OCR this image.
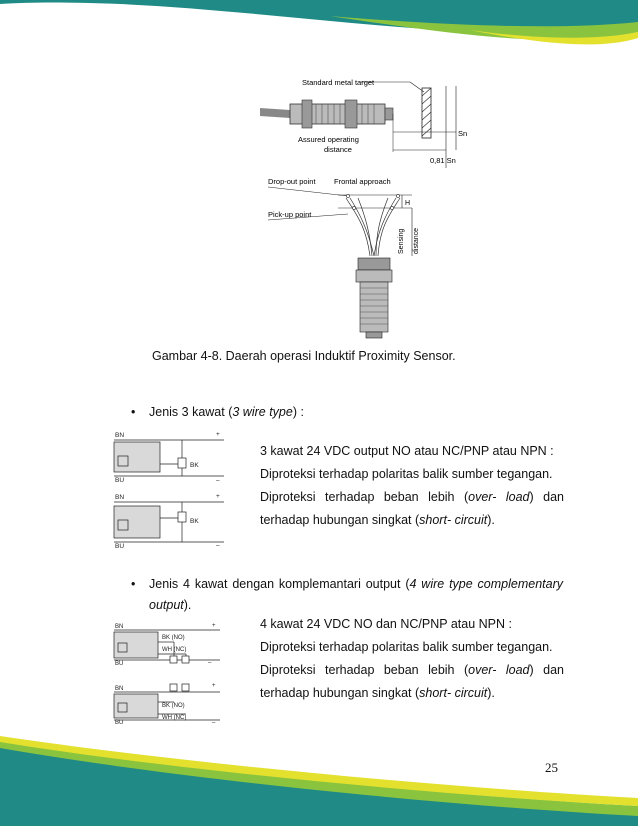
Standard metal target
Assured operating
distance
Sn
0,81 Sn
Drop-out point Frontal approach
Pick-up point
H
Sensing distance
Gambar 4-8. Daerah operasi Induktif Proximity Sensor.
• Jenis 3 kawat (3 wire type) :
BN
BU
BK
+
–
BN
BU
BK
+
–

3 kawat 24 VDC output NO atau NC/PNP atau NPN :

Diproteksi terhadap polaritas balik sumber tegangan.

Diproteksi terhadap beban lebih (over- load) dan

terhadap hubungan singkat (short- circuit).

• Jenis 4 kawat dengan komplemantari output (4 wire type complementary
output).
BN
BU
BK (NO)
WH (NC)
+
–
BN
BU
BK (NO)
WH (NC)
+
–

4 kawat 24 VDC NO dan NC/PNP atau NPN :

Diproteksi terhadap polaritas balik sumber tegangan.

Diproteksi terhadap beban lebih (over- load) dan

terhadap hubungan singkat (short- circuit).

25
